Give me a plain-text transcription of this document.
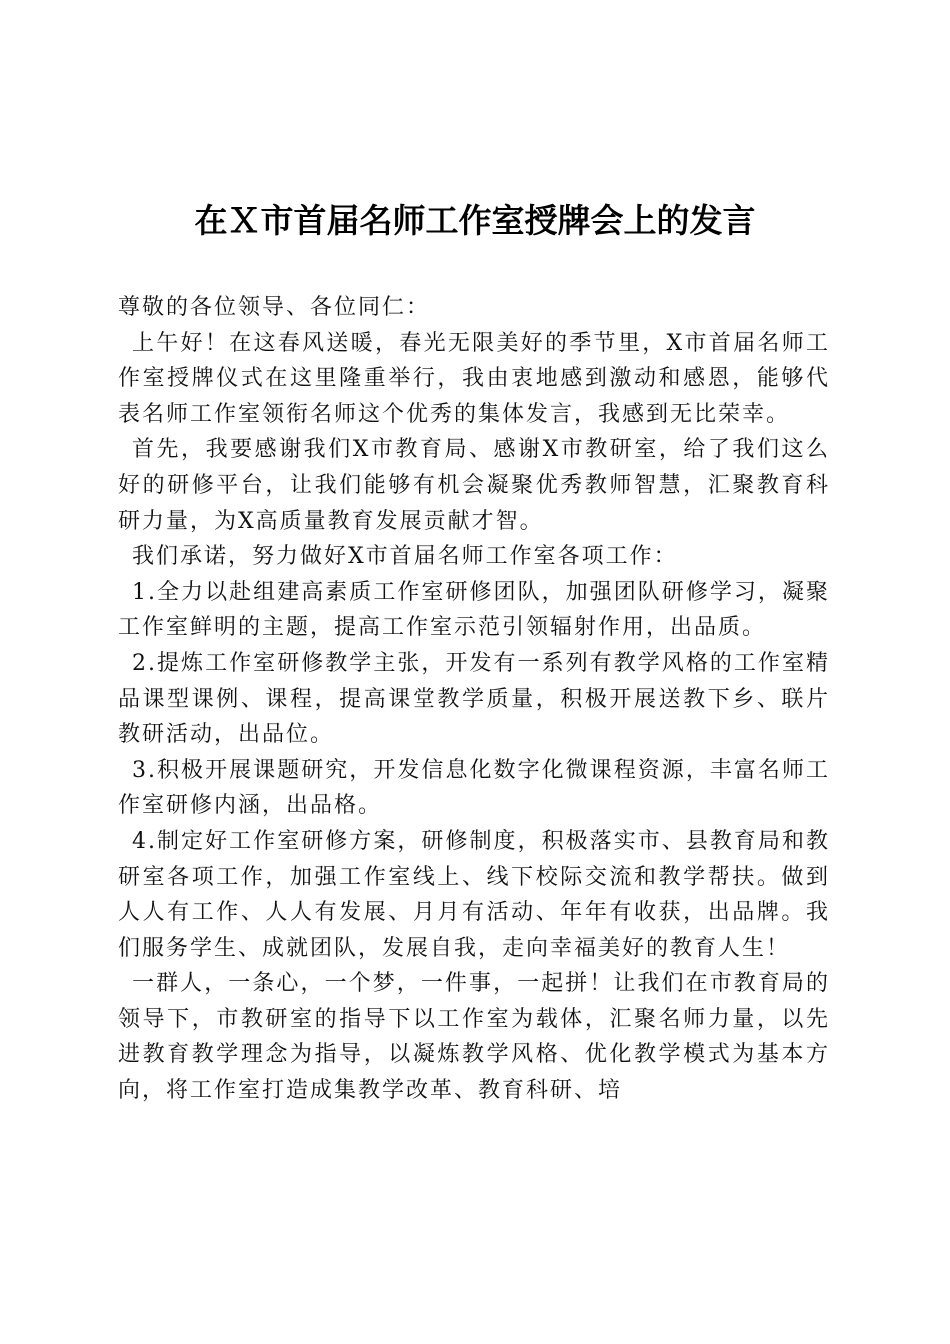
在Ｘ市首届名师工作室授牌会上的发言

尊敬的各位领导、各位同仁：

上午好！在这春风送暖，春光无限美好的季节里，X市首届名师工作室授牌仪式在这里隆重举行，我由衷地感到激动和感恩，能够代表名师工作室领衔名师这个优秀的集体发言，我感到无比荣幸。

首先，我要感谢我们X市教育局、感谢X市教研室，给了我们这么好的研修平台，让我们能够有机会凝聚优秀教师智慧，汇聚教育科研力量，为X高质量教育发展贡献才智。

我们承诺，努力做好X市首届名师工作室各项工作：

1.全力以赴组建高素质工作室研修团队，加强团队研修学习，凝聚工作室鲜明的主题，提高工作室示范引领辐射作用，出品质。

2.提炼工作室研修教学主张，开发有一系列有教学风格的工作室精品课型课例、课程，提高课堂教学质量，积极开展送教下乡、联片教研活动，出品位。

3.积极开展课题研究，开发信息化数字化微课程资源，丰富名师工作室研修内涵，出品格。

4.制定好工作室研修方案，研修制度，积极落实市、县教育局和教研室各项工作，加强工作室线上、线下校际交流和教学帮扶。做到人人有工作、人人有发展、月月有活动、年年有收获，出品牌。我们服务学生、成就团队，发展自我，走向幸福美好的教育人生！

一群人，一条心，一个梦，一件事，一起拼！让我们在市教育局的领导下，市教研室的指导下以工作室为载体，汇聚名师力量，以先进教育教学理念为指导，以凝炼教学风格、优化教学模式为基本方向，将工作室打造成集教学改革、教育科研、培
